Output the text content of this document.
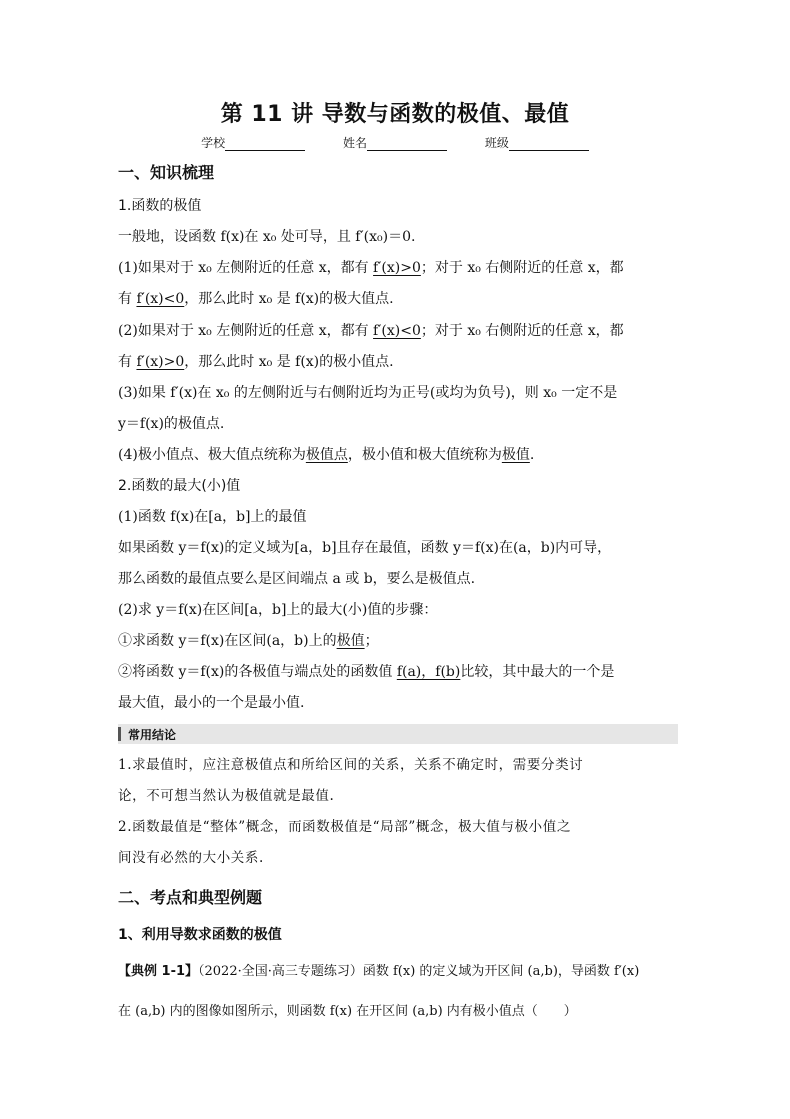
第 11 讲 导数与函数的极值、最值
学校	姓名	班级
一、知识梳理
1.函数的极值
一般地，设函数 f(x)在 x₀ 处可导，且 f′(x₀)＝0.
(1)如果对于 x₀ 左侧附近的任意 x，都有 f′(x)>0；对于 x₀ 右侧附近的任意 x，都
有 f′(x)<0，那么此时 x₀ 是 f(x)的极大值点.
(2)如果对于 x₀ 左侧附近的任意 x，都有 f′(x)<0；对于 x₀ 右侧附近的任意 x，都
有 f′(x)>0，那么此时 x₀ 是 f(x)的极小值点.
(3)如果 f′(x)在 x₀ 的左侧附近与右侧附近均为正号(或均为负号)，则 x₀ 一定不是
y＝f(x)的极值点.
(4)极小值点、极大值点统称为极值点，极小值和极大值统称为极值.
2.函数的最大(小)值
(1)函数 f(x)在[a，b]上的最值
如果函数 y＝f(x)的定义域为[a，b]且存在最值，函数 y＝f(x)在(a，b)内可导，
那么函数的最值点要么是区间端点 a 或 b，要么是极值点.
(2)求 y＝f(x)在区间[a，b]上的最大(小)值的步骤：
①求函数 y＝f(x)在区间(a，b)上的极值；
②将函数 y＝f(x)的各极值与端点处的函数值 f(a)，f(b)比较，其中最大的一个是
最大值，最小的一个是最小值.
常用结论
1.求最值时，应注意极值点和所给区间的关系，关系不确定时，需要分类讨
论，不可想当然认为极值就是最值.
2.函数最值是“整体”概念，而函数极值是“局部”概念，极大值与极小值之
间没有必然的大小关系.
二、考点和典型例题
1、利用导数求函数的极值
【典例 1-1】（2022·全国·高三专题练习）函数 f(x) 的定义域为开区间 (a,b)，导函数 f′(x)
在 (a,b) 内的图像如图所示，则函数 f(x) 在开区间 (a,b) 内有极小值点（　　）
